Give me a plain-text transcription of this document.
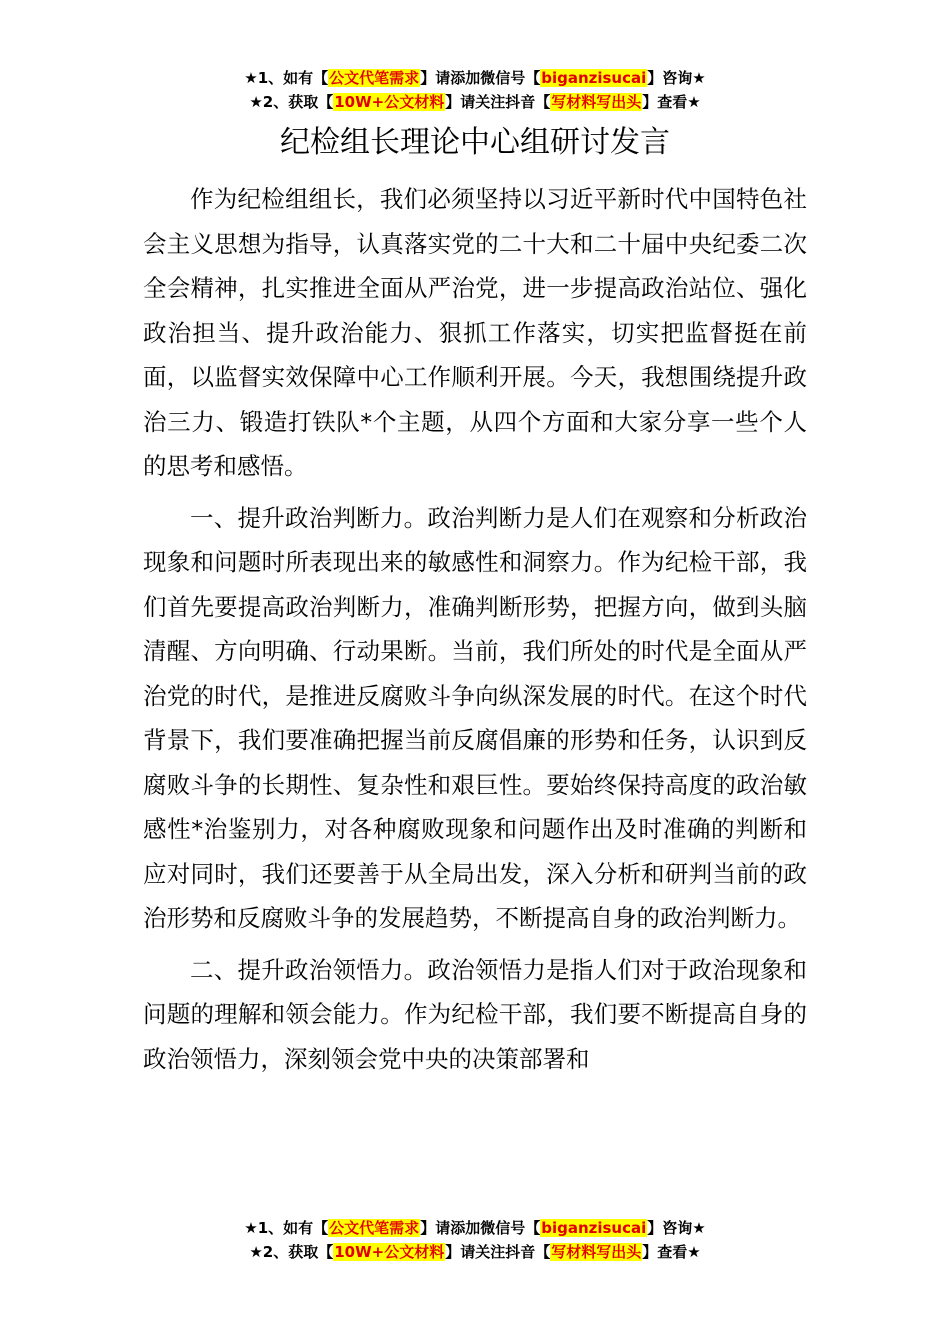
★1、如有【公文代笔需求】请添加微信号【biganzisucai】咨询★
★2、获取【10W+公文材料】请关注抖音【写材料写出头】查看★
纪检组长理论中心组研讨发言

作为纪检组组长，我们必须坚持以习近平新时代中国特色社会主义思想为指导，认真落实党的二十大和二十届中央纪委二次全会精神，扎实推进全面从严治党，进一步提高政治站位、强化政治担当、提升政治能力、狠抓工作落实，切实把监督挺在前面，以监督实效保障中心工作顺利开展。今天，我想围绕提升政治三力、锻造打铁队*个主题，从四个方面和大家分享一些个人的思考和感悟。

一、提升政治判断力。政治判断力是人们在观察和分析政治现象和问题时所表现出来的敏感性和洞察力。作为纪检干部，我们首先要提高政治判断力，准确判断形势，把握方向，做到头脑清醒、方向明确、行动果断。当前，我们所处的时代是全面从严治党的时代，是推进反腐败斗争向纵深发展的时代。在这个时代背景下，我们要准确把握当前反腐倡廉的形势和任务，认识到反腐败斗争的长期性、复杂性和艰巨性。要始终保持高度的政治敏感性*治鉴别力，对各种腐败现象和问题作出及时准确的判断和应对同时，我们还要善于从全局出发，深入分析和研判当前的政治形势和反腐败斗争的发展趋势，不断提高自身的政治判断力。

二、提升政治领悟力。政治领悟力是指人们对于政治现象和问题的理解和领会能力。作为纪检干部，我们要不断提高自身的政治领悟力，深刻领会党中央的决策部署和

★1、如有【公文代笔需求】请添加微信号【biganzisucai】咨询★
★2、获取【10W+公文材料】请关注抖音【写材料写出头】查看★
